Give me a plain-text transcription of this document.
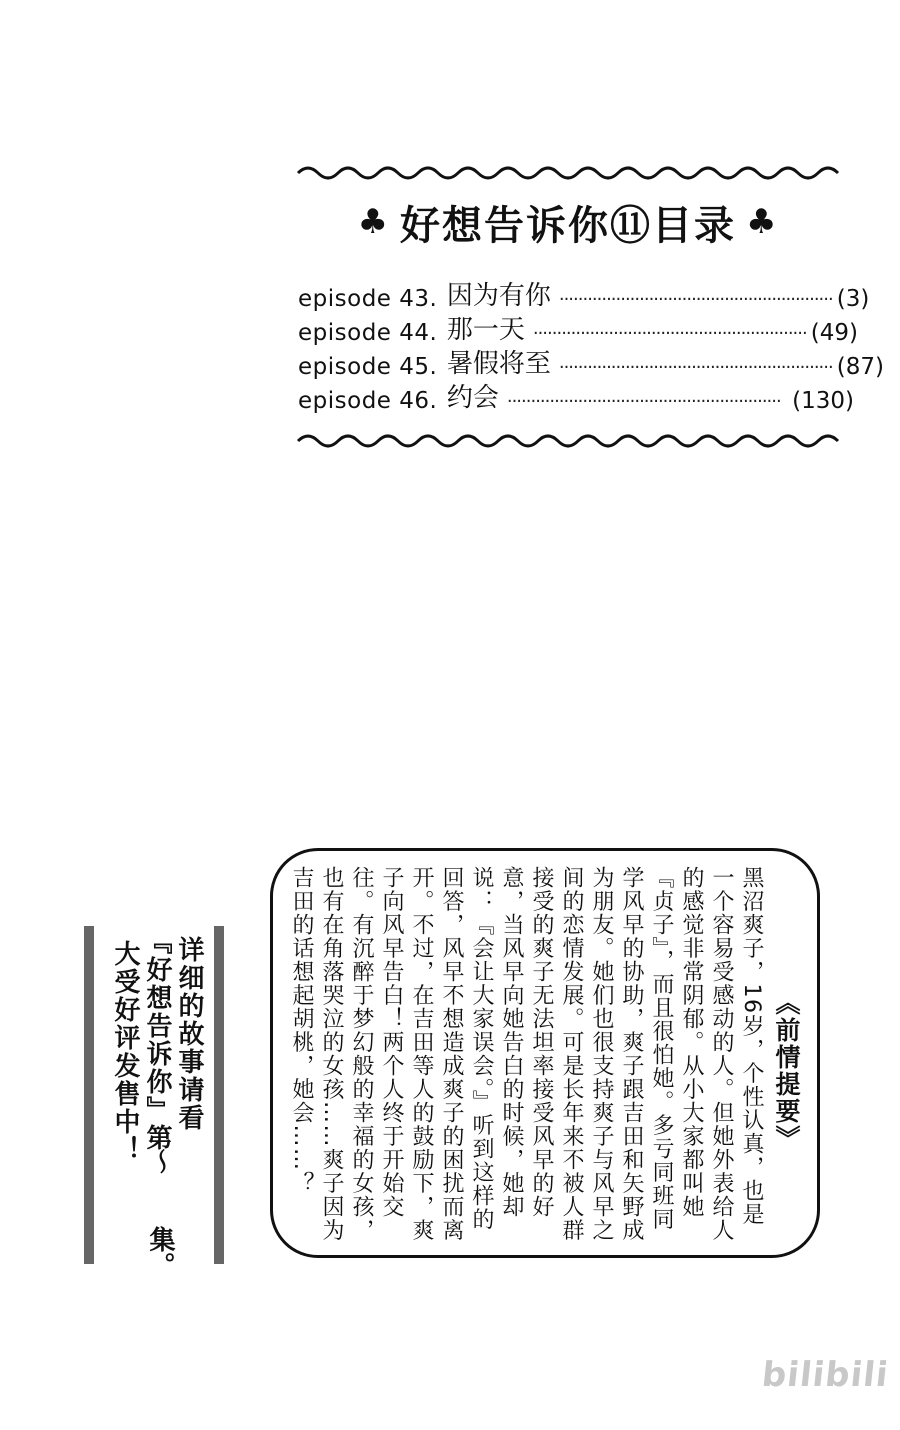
♣ 好想告诉你⑪目录 ♣
episode 43 . 因为有你 ·························································· (3)
episode 44 . 那一天 ·························································· (49)
episode 45 . 暑假将至 ·························································· (87)
episode 46 . 约会 ·························································· (130)
《前情提要》
黑沼爽子，16岁，个性认真，也是一个容易受感动的人。但她外表给人的感觉非常阴郁。从小大家都叫她『贞子』，而且很怕她。多亏同班同学风早的协助，爽子跟吉田和矢野成为朋友。她们也很支持爽子与风早之间的恋情发展。可是长年来不被人群接受的爽子无法坦率接受风早的好意，当风早向她告白的时候，她却说：『会让大家误会。』听到这样的回答，风早不想造成爽子的困扰而离开。不过，在吉田等人的鼓励下，爽子向风早告白！两个人终于开始交往。有沉醉于梦幻般的幸福的女孩，也有在角落哭泣的女孩……爽子因为吉田的话想起胡桃，她会……？
详细的故事请看
『好想告诉你』第
～
集。
大受好评发售中！
bilibili
